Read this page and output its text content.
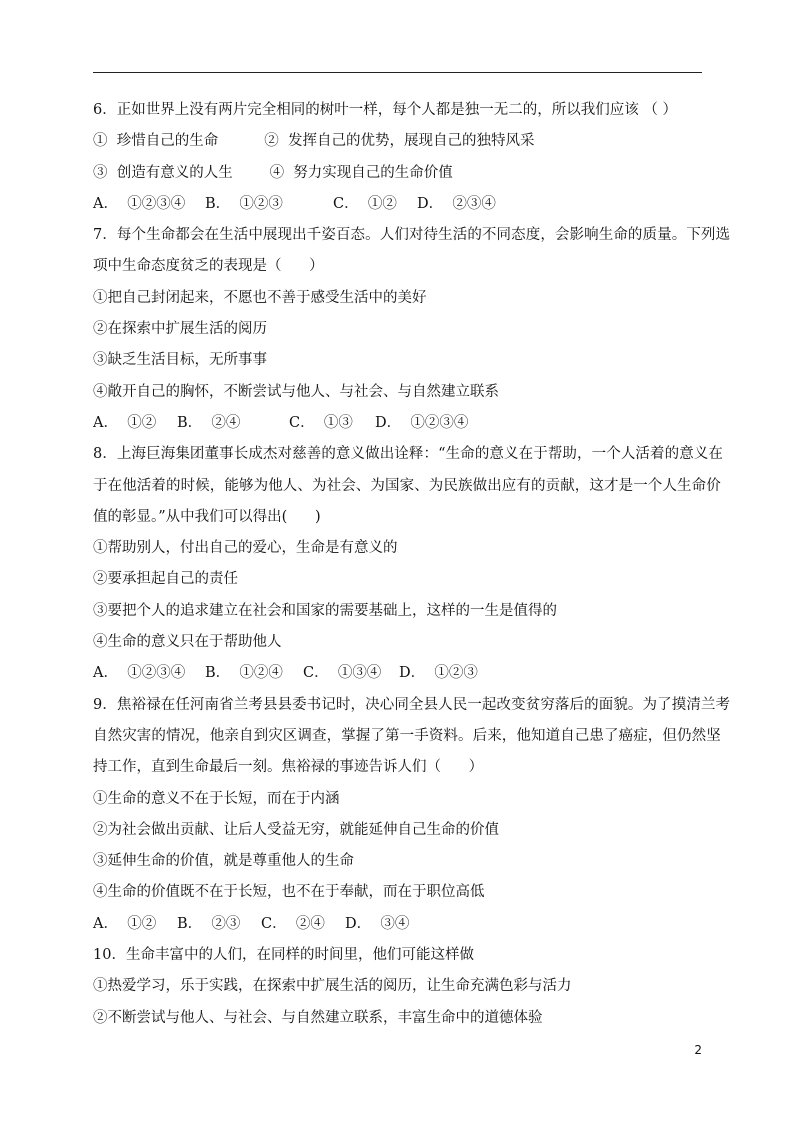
6．正如世界上没有两片完全相同的树叶一样，每个人都是独一无二的，所以我们应该 （ ）
①  珍惜自己的生命          ②  发挥自己的优势，展现自己的独特风采
③  创造有意义的人生        ④  努力实现自己的生命价值
A．  ①②③④	B．  ①②③	C．  ①②	D．  ②③④
7．每个生命都会在生活中展现出千姿百态。人们对待生活的不同态度，会影响生命的质量。下列选
项中生命态度贫乏的表现是（      ）
①把自己封闭起来，不愿也不善于感受生活中的美好
②在探索中扩展生活的阅历
③缺乏生活目标，无所事事
④敞开自己的胸怀，不断尝试与他人、与社会、与自然建立联系
A．  ①②	B．  ②④	C．  ①③	D．  ①②③④
8．上海巨海集团董事长成杰对慈善的意义做出诠释：“生命的意义在于帮助，一个人活着的意义在
于在他活着的时候，能够为他人、为社会、为国家、为民族做出应有的贡献，这才是一个人生命价
值的彰显。”从中我们可以得出(      )
①帮助别人，付出自己的爱心，生命是有意义的
②要承担起自己的责任
③要把个人的追求建立在社会和国家的需要基础上，这样的一生是值得的
④生命的意义只在于帮助他人
A．  ①②③④	B．  ①②④	C．  ①③④	D．  ①②③
9．焦裕禄在任河南省兰考县县委书记时，决心同全县人民一起改变贫穷落后的面貌。为了摸清兰考
自然灾害的情况，他亲自到灾区调查，掌握了第一手资料。后来，他知道自己患了癌症，但仍然坚
持工作，直到生命最后一刻。焦裕禄的事迹告诉人们（      ）
①生命的意义不在于长短，而在于内涵
②为社会做出贡献、让后人受益无穷，就能延伸自己生命的价值
③延伸生命的价值，就是尊重他人的生命
④生命的价值既不在于长短，也不在于奉献，而在于职位高低
A．  ①②	B．  ②③	C．  ②④	D．  ③④
10．生命丰富中的人们，在同样的时间里，他们可能这样做
①热爱学习，乐于实践，在探索中扩展生活的阅历，让生命充满色彩与活力
②不断尝试与他人、与社会、与自然建立联系，丰富生命中的道德体验
2
